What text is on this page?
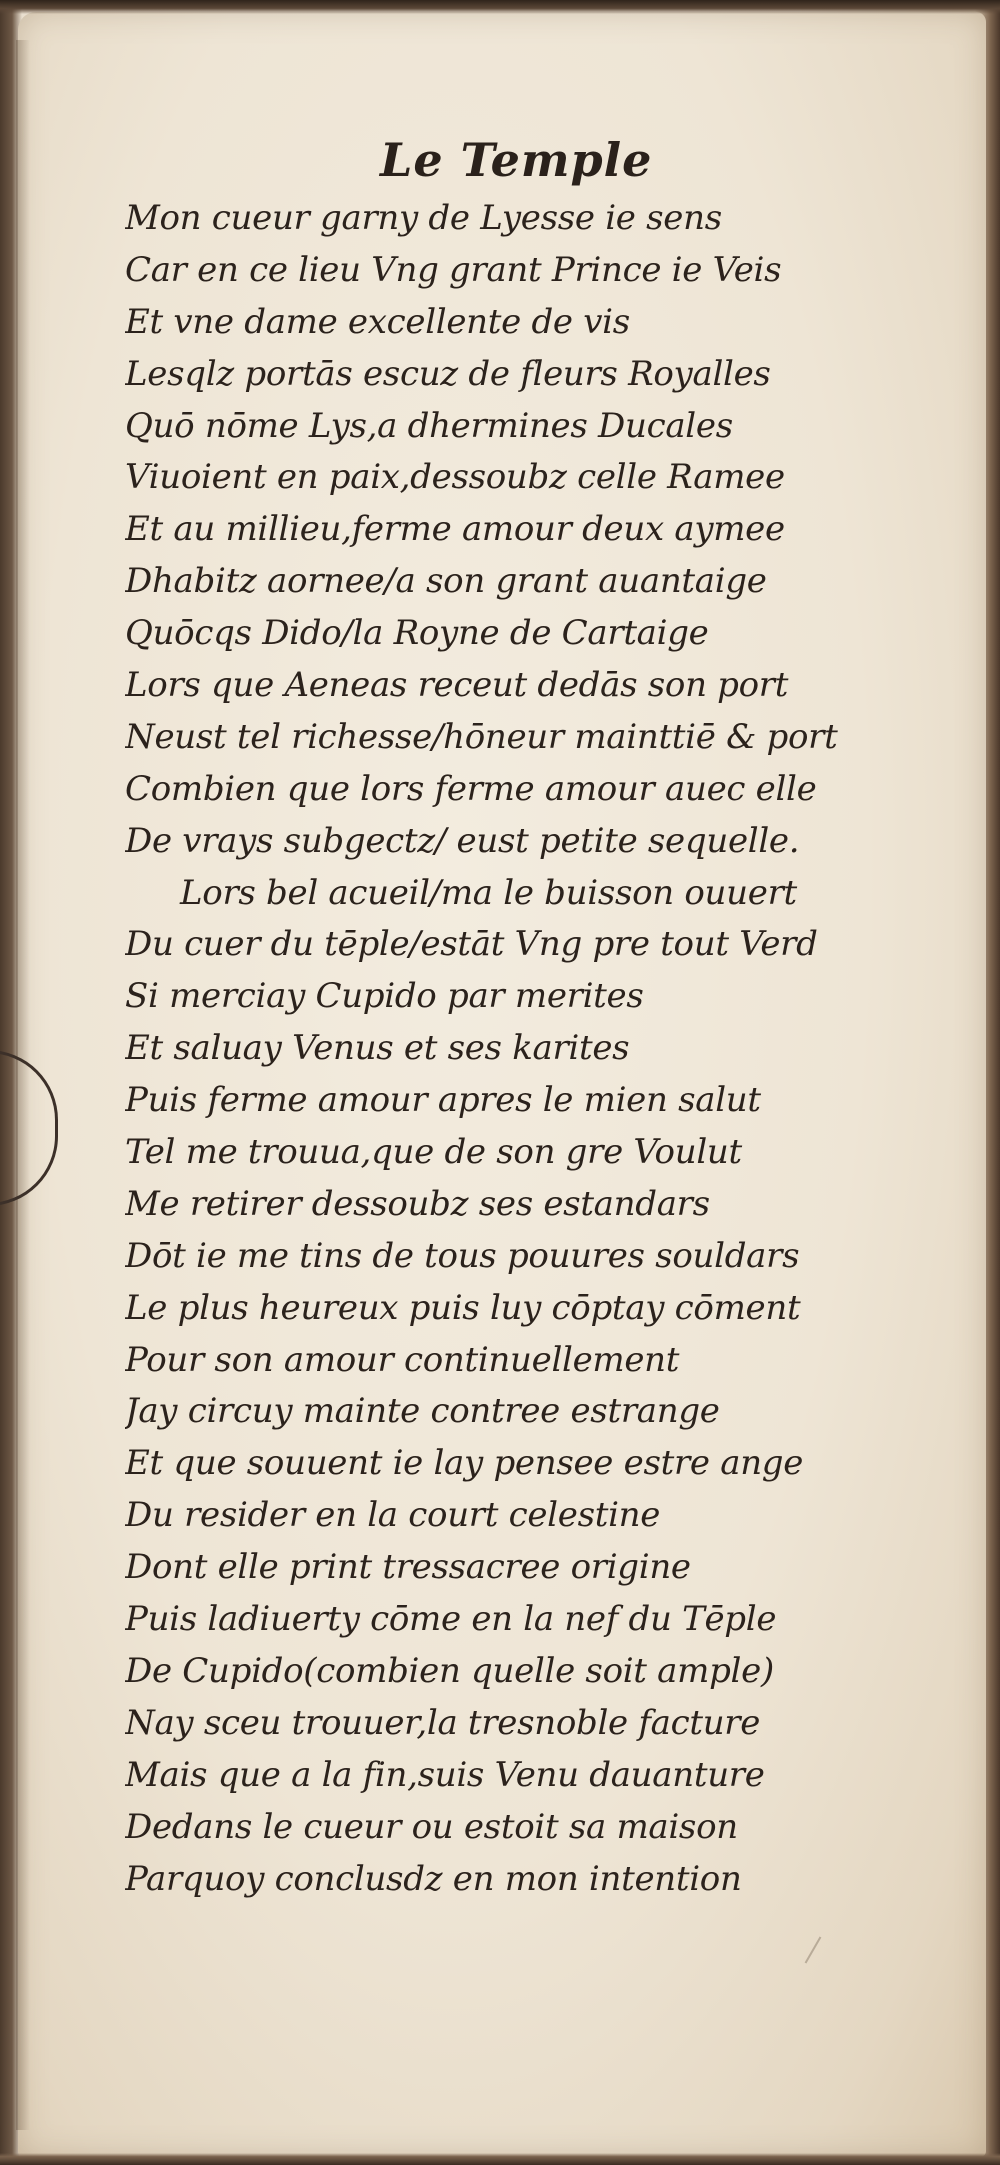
Le Temple
Mon cueur garny de Lyesse ie sens
Car en ce lieu Vng grant Prince ie Veis
Et vne dame excellente de vis
Lesqlz portās escuz de fleurs Royalles
Quō nōme Lys,a dhermines Ducales
Viuoient en paix,dessoubz celle Ramee
Et au millieu,ferme amour deux aymee
Dhabitz aornee/a son grant auantaige
Quōcqs Dido/la Royne de Cartaige
Lors que Aeneas receut dedās son port
Neust tel richesse/hōneur mainttiē & port
Combien que lors ferme amour auec elle
De vrays subgectz/ eust petite sequelle.
Lors bel acueil/ma le buisson ouuert
Du cuer du tēple/estāt Vng pre tout Verd
Si merciay Cupido par merites
Et saluay Venus et ses karites
Puis ferme amour apres le mien salut
Tel me trouua,que de son gre Voulut
Me retirer dessoubz ses estandars
Dōt ie me tins de tous pouures souldars
Le plus heureux puis luy cōptay cōment
Pour son amour continuellement
Jay circuy mainte contree estrange
Et que souuent ie lay pensee estre ange
Du resider en la court celestine
Dont elle print tressacree origine
Puis ladiuerty cōme en la nef du Tēple
De Cupido(combien quelle soit ample)
Nay sceu trouuer,la tresnoble facture
Mais que a la fin,suis Venu dauanture
Dedans le cueur ou estoit sa maison
Parquoy conclusdz en mon intention
